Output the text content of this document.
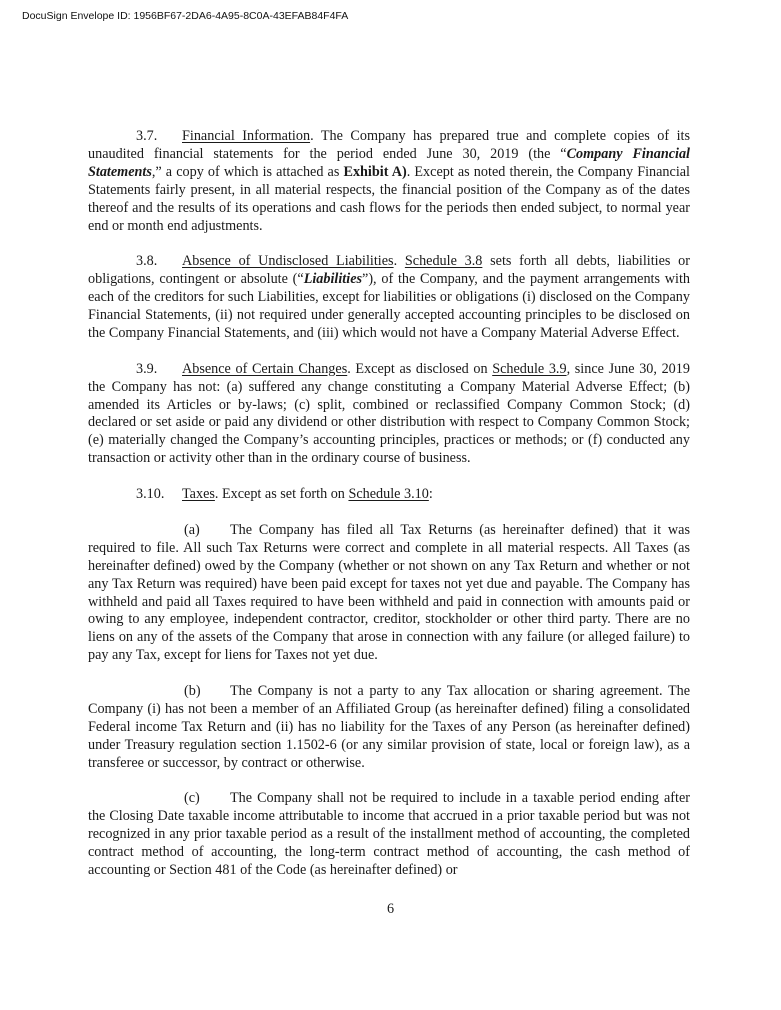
DocuSign Envelope ID: 1956BF67-2DA6-4A95-8C0A-43EFAB84F4FA

3.7. Financial Information. The Company has prepared true and complete copies of its unaudited financial statements for the period ended June 30, 2019 (the “Company Financial Statements,” a copy of which is attached as Exhibit A). Except as noted therein, the Company Financial Statements fairly present, in all material respects, the financial position of the Company as of the dates thereof and the results of its operations and cash flows for the periods then ended subject, to normal year end or month end adjustments.

3.8. Absence of Undisclosed Liabilities. Schedule 3.8 sets forth all debts, liabilities or obligations, contingent or absolute (“Liabilities”), of the Company, and the payment arrangements with each of the creditors for such Liabilities, except for liabilities or obligations (i) disclosed on the Company Financial Statements, (ii) not required under generally accepted accounting principles to be disclosed on the Company Financial Statements, and (iii) which would not have a Company Material Adverse Effect.

3.9. Absence of Certain Changes. Except as disclosed on Schedule 3.9, since June 30, 2019 the Company has not: (a) suffered any change constituting a Company Material Adverse Effect; (b) amended its Articles or by-laws; (c) split, combined or reclassified Company Common Stock; (d) declared or set aside or paid any dividend or other distribution with respect to Company Common Stock; (e) materially changed the Company’s accounting principles, practices or methods; or (f) conducted any transaction or activity other than in the ordinary course of business.

3.10. Taxes. Except as set forth on Schedule 3.10:

(a) The Company has filed all Tax Returns (as hereinafter defined) that it was required to file. All such Tax Returns were correct and complete in all material respects. All Taxes (as hereinafter defined) owed by the Company (whether or not shown on any Tax Return and whether or not any Tax Return was required) have been paid except for taxes not yet due and payable. The Company has withheld and paid all Taxes required to have been withheld and paid in connection with amounts paid or owing to any employee, independent contractor, creditor, stockholder or other third party. There are no liens on any of the assets of the Company that arose in connection with any failure (or alleged failure) to pay any Tax, except for liens for Taxes not yet due.

(b) The Company is not a party to any Tax allocation or sharing agreement. The Company (i) has not been a member of an Affiliated Group (as hereinafter defined) filing a consolidated Federal income Tax Return and (ii) has no liability for the Taxes of any Person (as hereinafter defined) under Treasury regulation section 1.1502-6 (or any similar provision of state, local or foreign law), as a transferee or successor, by contract or otherwise.

(c) The Company shall not be required to include in a taxable period ending after the Closing Date taxable income attributable to income that accrued in a prior taxable period but was not recognized in any prior taxable period as a result of the installment method of accounting, the completed contract method of accounting, the long-term contract method of accounting, the cash method of accounting or Section 481 of the Code (as hereinafter defined) or

6
